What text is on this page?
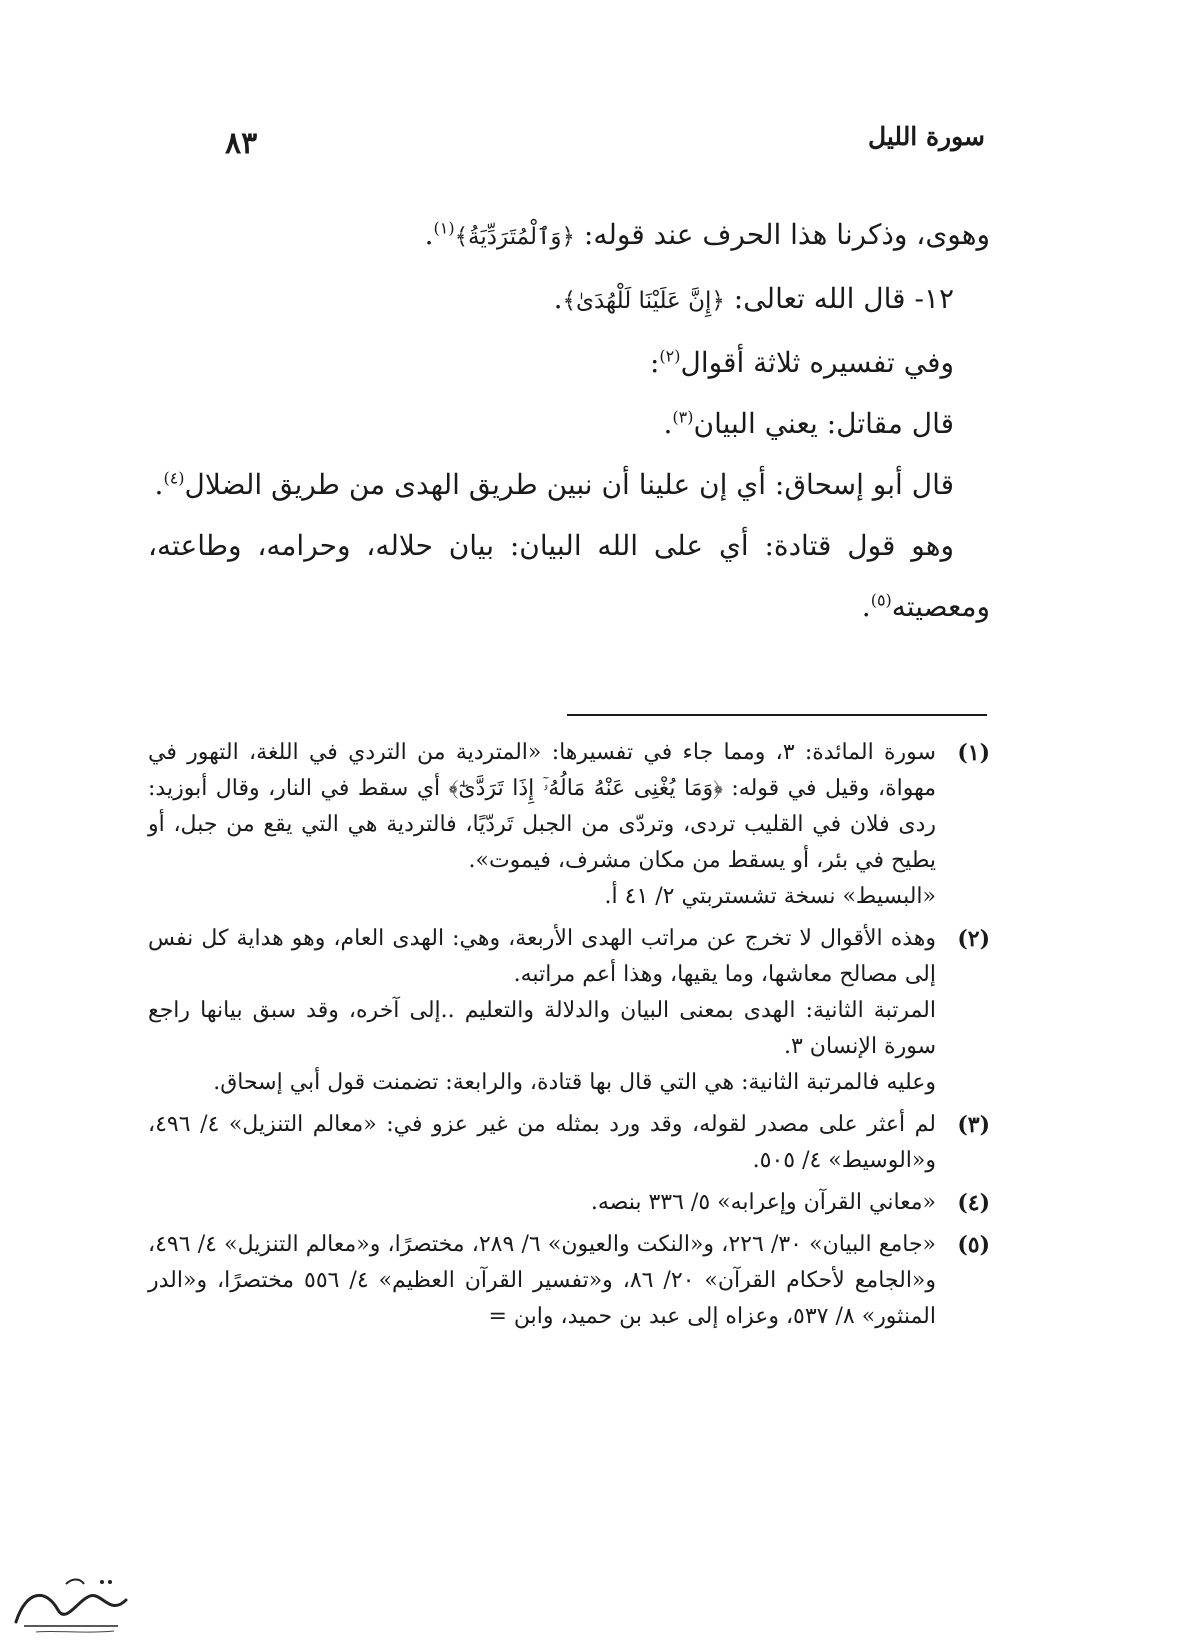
سورة الليل
٨٣

وهوى، وذكرنا هذا الحرف عند قوله: ﴿وَٱلْمُتَرَدِّيَةُ﴾$^{(١)}$.

١٢- قال الله تعالى: ﴿إِنَّ عَلَيْنَا لَلْهُدَىٰ﴾.

وفي تفسيره ثلاثة أقوال$^{(٢)}$:

قال مقاتل: يعني البيان$^{(٣)}$.

قال أبو إسحاق: أي إن علينا أن نبين طريق الهدى من طريق الضلال$^{(٤)}$.

وهو قول قتادة: أي على الله البيان: بيان حلاله، وحرامه، وطاعته، ومعصيته$^{(٥)}$.

(١)
سورة المائدة: ٣، ومما جاء في تفسيرها: «المتردية من التردي في اللغة، التهور في مهواة، وقيل في قوله: ﴿وَمَا يُغْنِى عَنْهُ مَالُهُۥٓ إِذَا تَرَدَّىٰٓ﴾ أي سقط في النار، وقال أبوزيد: ردى فلان في القليب تردى، وتردّى من الجبل تَردّيًا، فالتردية هي التي يقع من جبل، أو يطيح في بئر، أو يسقط من مكان مشرف، فيموت».
«البسيط» نسخة تشستربتي ٢/ ٤١ أ.
(٢)
وهذه الأقوال لا تخرج عن مراتب الهدى الأربعة، وهي: الهدى العام، وهو هداية كل نفس إلى مصالح معاشها، وما يقيها، وهذا أعم مراتبه.
المرتبة الثانية: الهدى بمعنى البيان والدلالة والتعليم ..إلى آخره، وقد سبق بيانها راجع سورة الإنسان ٣.
وعليه فالمرتبة الثانية: هي التي قال بها قتادة، والرابعة: تضمنت قول أبي إسحاق.
(٣)
لم أعثر على مصدر لقوله، وقد ورد بمثله من غير عزو في: «معالم التنزيل» ٤/ ٤٩٦، و«الوسيط» ٤/ ٥٠٥.
(٤)
«معاني القرآن وإعرابه» ٥/ ٣٣٦ بنصه.
(٥)
«جامع البيان» ٣٠/ ٢٢٦، و«النكت والعيون» ٦/ ٢٨٩، مختصرًا، و«معالم التنزيل» ٤/ ٤٩٦، و«الجامع لأحكام القرآن» ٢٠/ ٨٦، و«تفسير القرآن العظيم» ٤/ ٥٥٦ مختصرًا، و«الدر المنثور» ٨/ ٥٣٧، وعزاه إلى عبد بن حميد، وابن =
